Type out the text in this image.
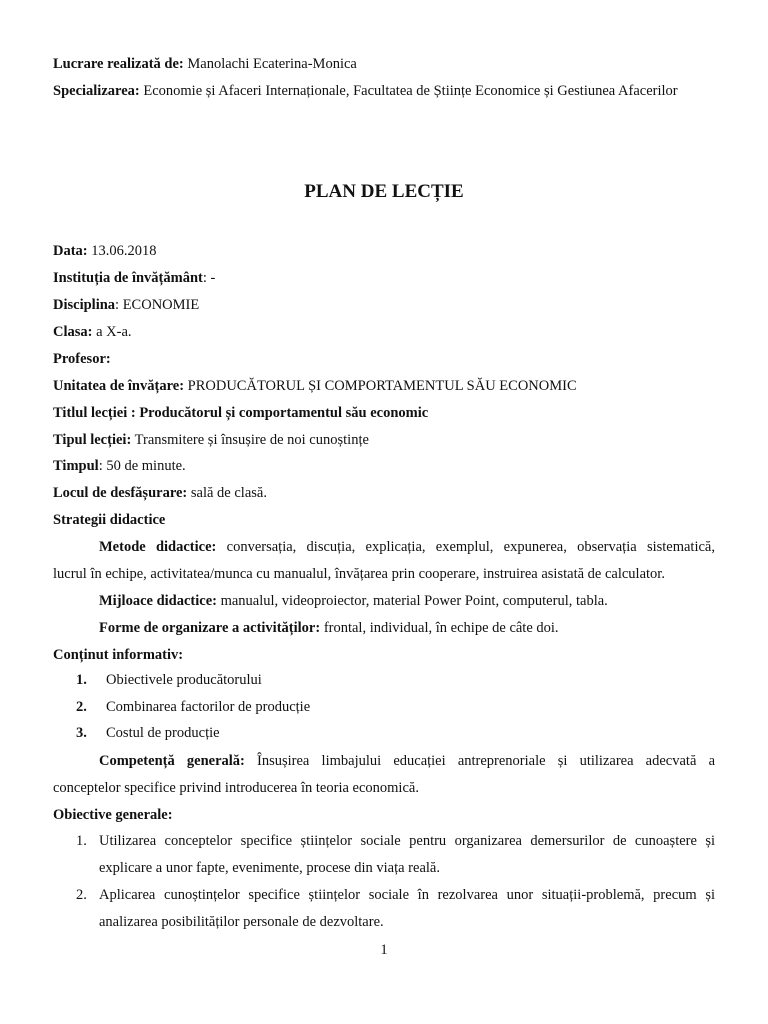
Lucrare realizată de: Manolachi Ecaterina-Monica
Specializarea: Economie și Afaceri Internaționale, Facultatea de Științe Economice și Gestiunea Afacerilor
PLAN DE LECȚIE
Data: 13.06.2018
Instituția de învățământ: -
Disciplina: ECONOMIE
Clasa: a X-a.
Profesor:
Unitatea de învățare: PRODUCĂTORUL ȘI COMPORTAMENTUL SĂU ECONOMIC
Titlul lecției : Producătorul și comportamentul său economic
Tipul lecției: Transmitere și însușire de noi cunoștințe
Timpul: 50 de minute.
Locul de desfășurare: sală de clasă.
Strategii didactice
Metode didactice: conversația, discuția, explicația, exemplul, expunerea, observația sistematică,
lucrul în echipe, activitatea/munca cu manualul, învățarea prin cooperare, instruirea asistată de calculator.
Mijloace didactice: manualul, videoproiector, material Power Point, computerul, tabla.
Forme de organizare a activităților: frontal, individual, în echipe de câte doi.
Conținut informativ:
1. Obiectivele producătorului
2. Combinarea factorilor de producție
3. Costul de producție
Competență generală: Însușirea limbajului educației antreprenoriale și utilizarea adecvată a
conceptelor specifice privind introducerea în teoria economică.
Obiective generale:
Utilizarea conceptelor specifice științelor sociale pentru organizarea demersurilor de cunoaștere și
1.
explicare a unor fapte, evenimente, procese din viața reală.
Aplicarea cunoștințelor specifice științelor sociale în rezolvarea unor situații-problemă, precum și
2.
analizarea posibilităților personale de dezvoltare.
1
